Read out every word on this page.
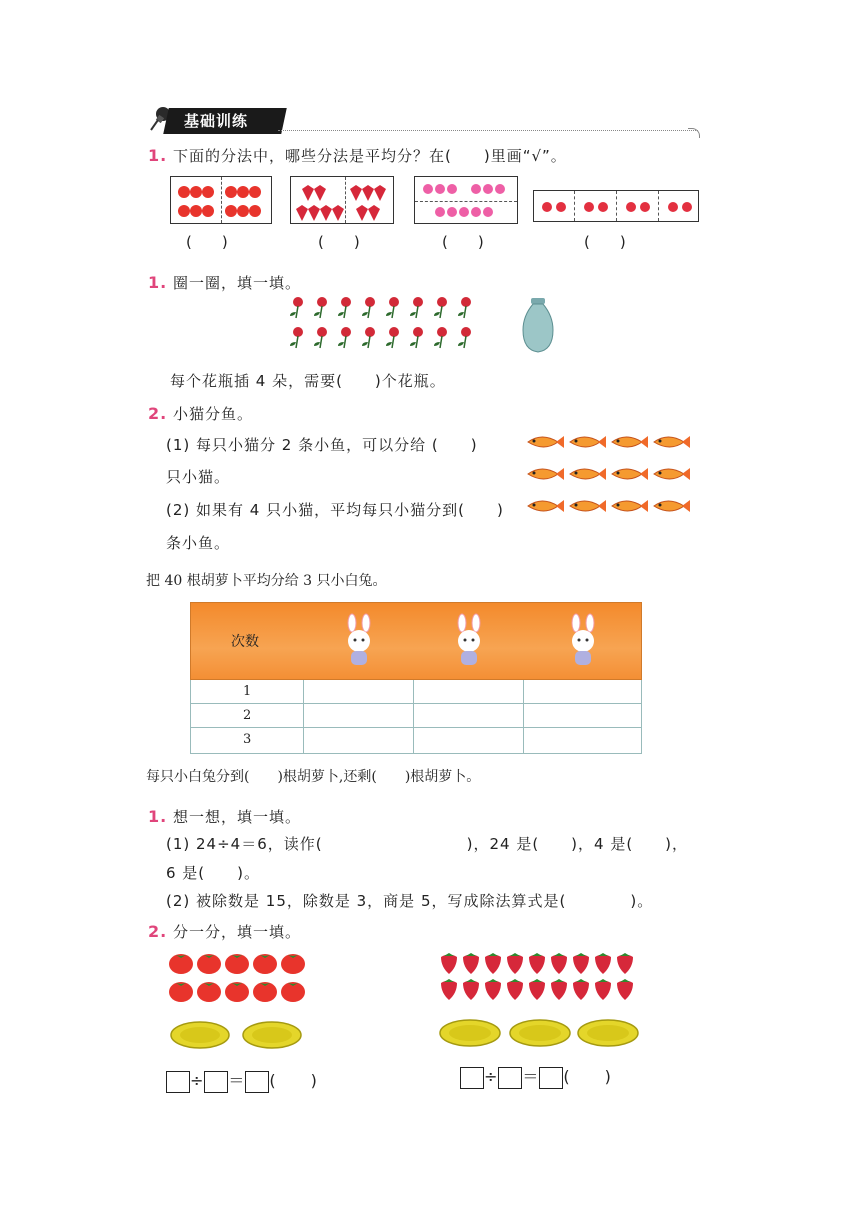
基础训练
1. 下面的分法中，哪些分法是平均分？在(　　)里画“√”。
(　　)	(　　)	(　　)	(　　)
1. 圈一圈，填一填。
每个花瓶插 4 朵，需要(　　)个花瓶。
2. 小猫分鱼。
(1) 每只小猫分 2 条小鱼，可以分给 (　　)
只小猫。
(2) 如果有 4 只小猫，平均每只小猫分到(　　)
条小鱼。
把 40 根胡萝卜平均分给 3 只小白兔。
次数
1
2
3
每只小白兔分到(　　)根胡萝卜,还剩(　　)根胡萝卜。
1. 想一想，填一填。
(1) 24÷4＝6，读作(　　　　　　　　　)，24 是(　　)，4 是(　　)，
6 是(　　)。
(2) 被除数是 15，除数是 3，商是 5，写成除法算式是(　　　　)。
2. 分一分，填一填。
÷ ＝ (　　)	÷ ＝ (　　)
